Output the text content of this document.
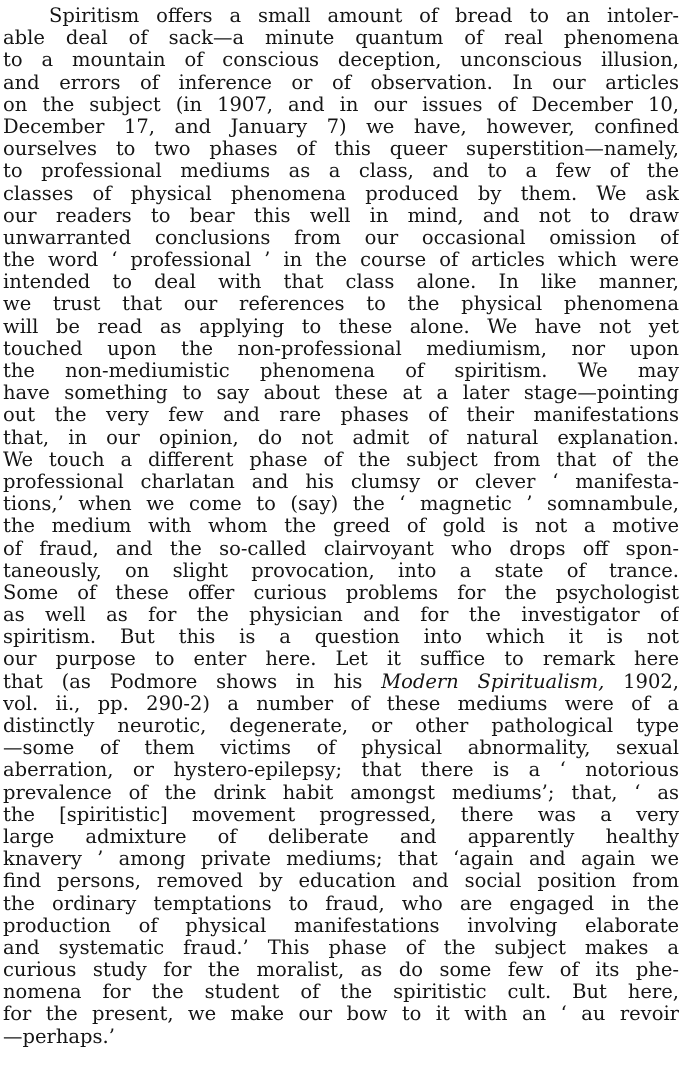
Spiritism offers a small amount of bread to an intoler-
able deal of sack—a minute quantum of real phenomena
to a mountain of conscious deception, unconscious illusion,
and errors of inference or of observation. In our articles
on the subject (in 1907, and in our issues of December 10,
December 17, and January 7) we have, however, confined
ourselves to two phases of this queer superstition—namely,
to professional mediums as a class, and to a few of the
classes of physical phenomena produced by them. We ask
our readers to bear this well in mind, and not to draw
unwarranted conclusions from our occasional omission of
the word ‘ professional ’ in the course of articles which were
intended to deal with that class alone. In like manner,
we trust that our references to the physical phenomena
will be read as applying to these alone. We have not yet
touched upon the non-professional mediumism, nor upon
the non-mediumistic phenomena of spiritism. We may
have something to say about these at a later stage—pointing
out the very few and rare phases of their manifestations
that, in our opinion, do not admit of natural explanation.
We touch a different phase of the subject from that of the
professional charlatan and his clumsy or clever ‘ manifesta-
tions,’ when we come to (say) the ‘ magnetic ’ somnambule,
the medium with whom the greed of gold is not a motive
of fraud, and the so-called clairvoyant who drops off spon-
taneously, on slight provocation, into a state of trance.
Some of these offer curious problems for the psychologist
as well as for the physician and for the investigator of
spiritism. But this is a question into which it is not
our purpose to enter here. Let it suffice to remark here
that (as Podmore shows in his Modern Spiritualism, 1902,
vol. ii., pp. 290-2) a number of these mediums were of a
distinctly neurotic, degenerate, or other pathological type
—some of them victims of physical abnormality, sexual
aberration, or hystero-epilepsy; that there is a ‘ notorious
prevalence of the drink habit amongst mediums’; that, ‘ as
the [spiritistic] movement progressed, there was a very
large admixture of deliberate and apparently healthy
knavery ’ among private mediums; that ‘again and again we
find persons, removed by education and social position from
the ordinary temptations to fraud, who are engaged in the
production of physical manifestations involving elaborate
and systematic fraud.’ This phase of the subject makes a
curious study for the moralist, as do some few of its phe-
nomena for the student of the spiritistic cult. But here,
for the present, we make our bow to it with an ‘ au revoir
—perhaps.’
